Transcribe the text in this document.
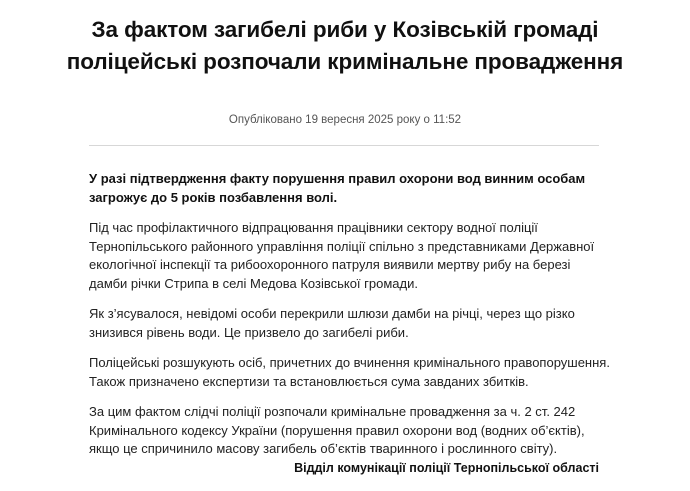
За фактом загибелі риби у Козівській громаді поліцейські розпочали кримінальне провадження
Опубліковано 19 вересня 2025 року о 11:52

У разі підтвердження факту порушення правил охорони вод винним особам загрожує до 5 років позбавлення волі.

Під час профілактичного відпрацювання працівники сектору водної поліції Тернопільського районного управління поліції спільно з представниками Державної екологічної інспекції та рибоохоронного патруля виявили мертву рибу на березі дамби річки Стрипа в селі Медова Козівської громади.

Як з’ясувалося, невідомі особи перекрили шлюзи дамби на річці, через що різко знизився рівень води. Це призвело до загибелі риби.

Поліцейські розшукують осіб, причетних до вчинення кримінального правопорушення. Також призначено експертизи та встановлюється сума завданих збитків.

За цим фактом слідчі поліції розпочали кримінальне провадження за ч. 2 ст. 242 Кримінального кодексу України (порушення правил охорони вод (водних об’єктів), якщо це спричинило масову загибель об’єктів тваринного і рослинного світу).

Відділ комунікації поліції Тернопільської області
